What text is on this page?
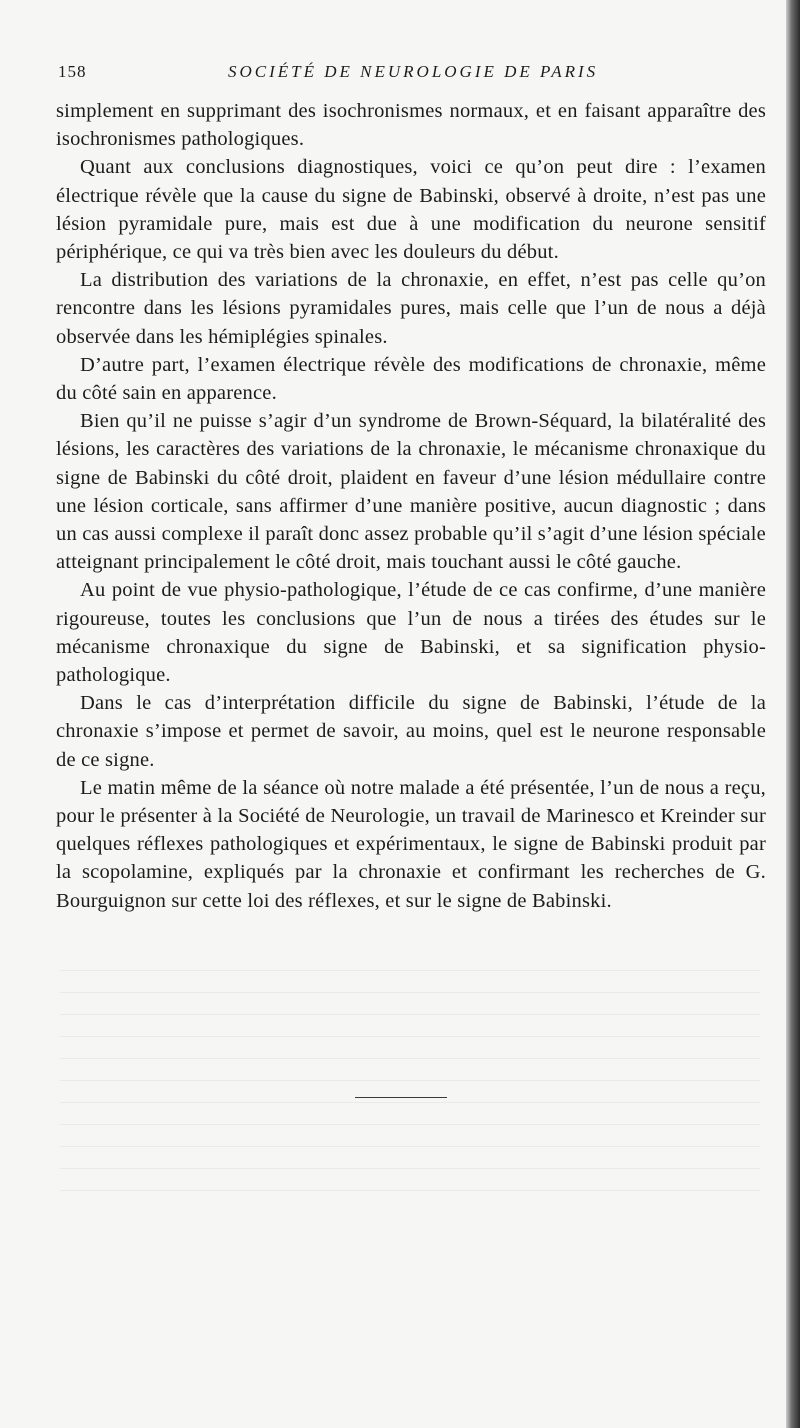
158	SOCIÉTÉ DE NEUROLOGIE DE PARIS

simplement en supprimant des isochronismes normaux, et en faisant apparaître des isochronismes pathologiques.

Quant aux conclusions diagnostiques, voici ce qu’on peut dire : l’examen électrique révèle que la cause du signe de Babinski, observé à droite, n’est pas une lésion pyramidale pure, mais est due à une modification du neurone sensitif périphérique, ce qui va très bien avec les douleurs du début.

La distribution des variations de la chronaxie, en effet, n’est pas celle qu’on rencontre dans les lésions pyramidales pures, mais celle que l’un de nous a déjà observée dans les hémiplégies spinales.

D’autre part, l’examen électrique révèle des modifications de chronaxie, même du côté sain en apparence.

Bien qu’il ne puisse s’agir d’un syndrome de Brown-Séquard, la bilatéralité des lésions, les caractères des variations de la chronaxie, le mécanisme chronaxique du signe de Babinski du côté droit, plaident en faveur d’une lésion médullaire contre une lésion corticale, sans affirmer d’une manière positive, aucun diagnostic ; dans un cas aussi complexe il paraît donc assez probable qu’il s’agit d’une lésion spéciale atteignant principalement le côté droit, mais touchant aussi le côté gauche.

Au point de vue physio-pathologique, l’étude de ce cas confirme, d’une manière rigoureuse, toutes les conclusions que l’un de nous a tirées des études sur le mécanisme chronaxique du signe de Babinski, et sa signification physio-pathologique.

Dans le cas d’interprétation difficile du signe de Babinski, l’étude de la chronaxie s’impose et permet de savoir, au moins, quel est le neurone responsable de ce signe.

Le matin même de la séance où notre malade a été présentée, l’un de nous a reçu, pour le présenter à la Société de Neurologie, un travail de Marinesco et Kreinder sur quelques réflexes pathologiques et expérimentaux, le signe de Babinski produit par la scopolamine, expliqués par la chronaxie et confirmant les recherches de G. Bourguignon sur cette loi des réflexes, et sur le signe de Babinski.
